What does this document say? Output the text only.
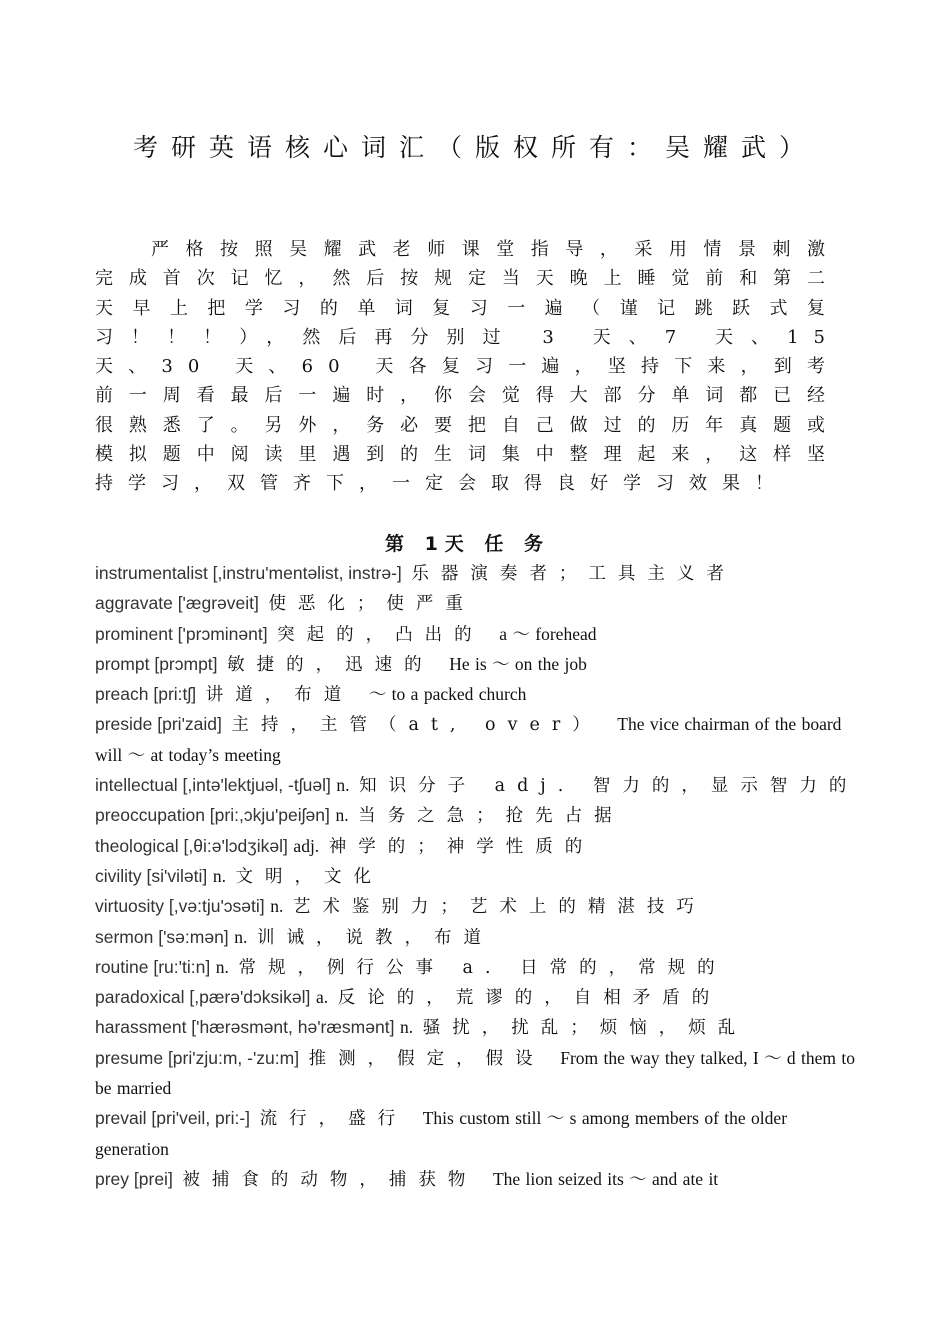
考研英语核心词汇（版权所有：吴耀武）
严格按照吴耀武老师课堂指导，采用情景刺激完成首次记忆，然后按规定当天晚上睡觉前和第二天早上把学习的单词复习一遍（谨记跳跃式复习！！！），然后再分别过 3 天、7 天、15 天、30 天、60 天各复习一遍，坚持下来，到考前一周看最后一遍时，你会觉得大部分单词都已经很熟悉了。另外，务必要把自己做过的历年真题或模拟题中阅读里遇到的生词集中整理起来，这样坚持学习，双管齐下，一定会取得良好学习效果！
第 1天 任 务
instrumentalist [,instru'mentəlist, instrə-] 乐器演奏者；工具主义者
aggravate ['æɡrəveit] 使恶化；使严重
prominent ['prɔminənt] 突起的，凸出的 a ～ forehead
prompt [prɔmpt] 敏捷的，迅速的 He is ～ on the job
preach [pri:tʃ] 讲道，布道 ～ to a packed church
preside [pri'zaid] 主持，主管（at, over） The vice chairman of the board will ～ at today’s meeting
intellectual [,intə'lektjuəl, -tʃuəl] n. 知识分子 adj. 智力的，显示智力的
preoccupation [pri:,ɔkju'peiʃən] n. 当务之急；抢先占据
theological [,θi:ə'lɔdʒikəl] adj. 神学的；神学性质的
civility [si'viləti] n. 文明，文化
virtuosity [,və:tju'ɔsəti] n. 艺术鉴别力；艺术上的精湛技巧
sermon ['sə:mən] n. 训诫，说教，布道
routine [ru:'ti:n] n. 常规，例行公事 a. 日常的，常规的
paradoxical [,pærə'dɔksikəl] a. 反论的，荒谬的，自相矛盾的
harassment ['hærəsmənt, hə'ræsmənt] n. 骚扰，扰乱；烦恼，烦乱
presume [pri'zju:m, -'zu:m] 推测，假定，假设 From the way they talked, I ～ d them to be married
prevail [pri'veil, pri:-] 流行，盛行 This custom still ～ s among members of the older generation
prey [prei] 被捕食的动物，捕获物 The lion seized its ～ and ate it
